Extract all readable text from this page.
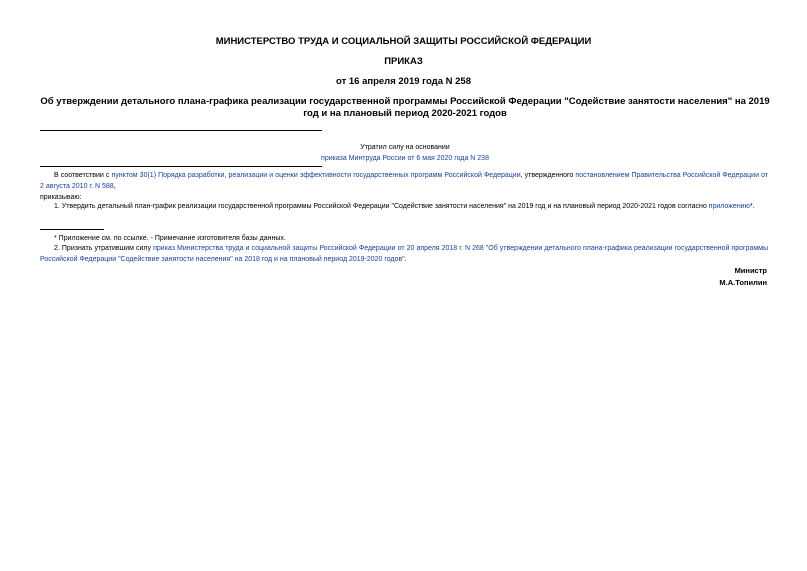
МИНИСТЕРСТВО ТРУДА И СОЦИАЛЬНОЙ ЗАЩИТЫ РОССИЙСКОЙ ФЕДЕРАЦИИ
ПРИКАЗ
от 16 апреля 2019 года N 258
Об утверждении детального плана-графика реализации государственной программы Российской Федерации "Содействие занятости населения" на 2019 год и на плановый период 2020-2021 годов
Утратил силу на основании
приказа Минтруда России от 6 мая 2020 года N 238
В соответствии с пунктом 30(1) Порядка разработки, реализации и оценки эффективности государственных программ Российской Федерации, утвержденного постановлением Правительства Российской Федерации от 2 августа 2010 г. N 588,
приказываю:
1. Утвердить детальный план-график реализации государственной программы Российской Федерации "Содействие занятости населения" на 2019 год и на плановый период 2020-2021 годов согласно приложению*.
* Приложение см. по ссылке. - Примечание изготовителя базы данных.
2. Признать утратившим силу приказ Министерства труда и социальной защиты Российской Федерации от 20 апреля 2018 г. N 268 "Об утверждении детального плана-графика реализации государственной программы Российской Федерации "Содействие занятости населения" на 2018 год и на плановый период 2019-2020 годов".
Министр
М.А.Топилин
